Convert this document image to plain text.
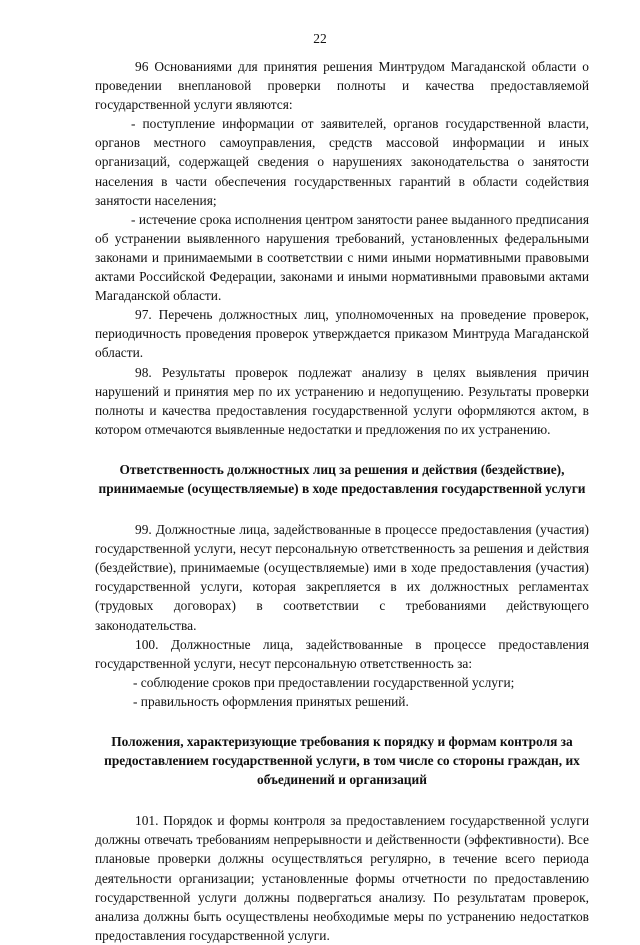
22

96 Основаниями для принятия решения Минтрудом Магаданской области о проведении внеплановой проверки полноты и качества предоставляемой государственной услуги являются:

- поступление информации от заявителей, органов государственной власти, органов местного самоуправления, средств массовой информации и иных организаций, содержащей сведения о нарушениях законодательства о занятости населения в части обеспечения государственных гарантий в области содействия занятости населения;

- истечение срока исполнения центром занятости ранее выданного предписания об устранении выявленного нарушения требований, установленных федеральными законами и принимаемыми в соответствии с ними иными нормативными правовыми актами Российской Федерации, законами и иными нормативными правовыми актами Магаданской области.

97. Перечень должностных лиц, уполномоченных на проведение проверок, периодичность проведения проверок утверждается приказом Минтруда Магаданской области.

98. Результаты проверок подлежат анализу в целях выявления причин нарушений и принятия мер по их устранению и недопущению. Результаты проверки полноты и качества предоставления государственной услуги оформляются актом, в котором отмечаются выявленные недостатки и предложения по их устранению.

Ответственность должностных лиц за решения и действия (бездействие),
принимаемые (осуществляемые) в ходе предоставления государственной услуги

99. Должностные лица, задействованные в процессе предоставления (участия) государственной услуги, несут персональную ответственность за решения и действия (бездействие), принимаемые (осуществляемые) ими в ходе предоставления (участия) государственной услуги, которая закрепляется в их должностных регламентах (трудовых договорах) в соответствии с требованиями действующего законодательства.

100. Должностные лица, задействованные в процессе предоставления государственной услуги, несут персональную ответственность за:

- соблюдение сроков при предоставлении государственной услуги;

- правильность оформления принятых решений.

Положения, характеризующие требования к порядку и формам контроля за
предоставлением государственной услуги, в том числе со стороны граждан, их
объединений и организаций

101. Порядок и формы контроля за предоставлением государственной услуги должны отвечать требованиям непрерывности и действенности (эффективности). Все плановые проверки должны осуществляться регулярно, в течение всего периода деятельности организации; установленные формы отчетности по предоставлению государственной услуги должны подвергаться анализу. По результатам проверок, анализа должны быть осуществлены необходимые меры по устранению недостатков предоставления государственной услуги.
